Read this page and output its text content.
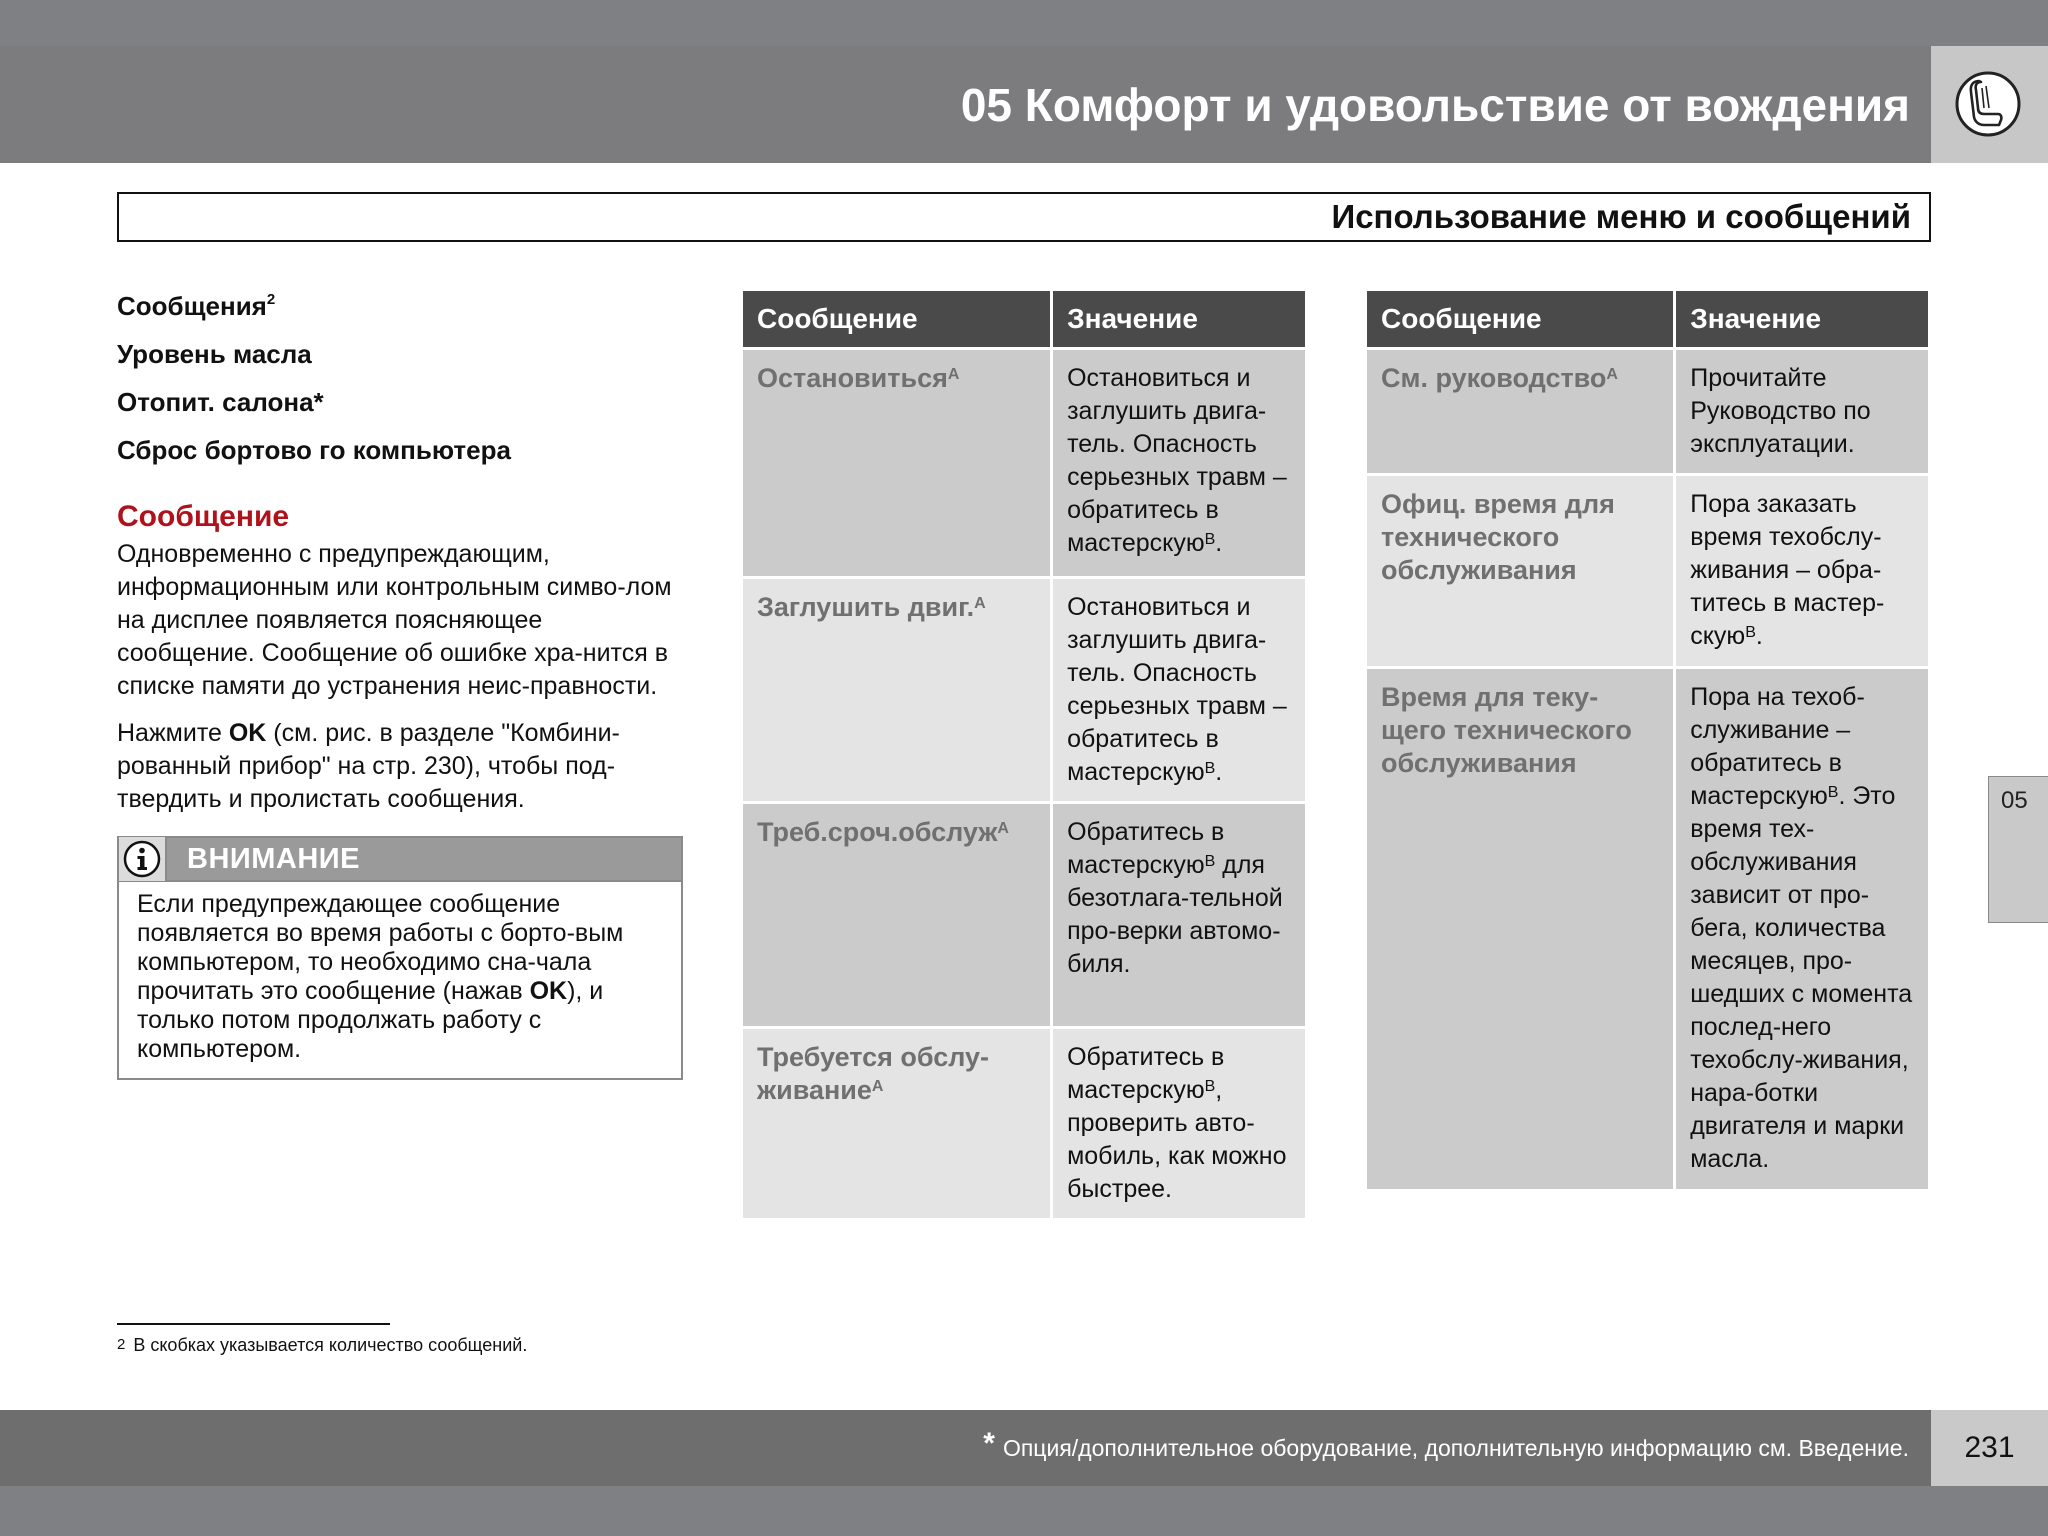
05 Комфорт и удовольствие от вождения
Использование меню и сообщений
Сообщения$^2$
Уровень масла
Отопит. салона*
Сброс бортово го компьютера
Сообщение

Одновременно с предупреждающим, информационным или контрольным симво-лом на дисплее появляется поясняющее сообщение. Сообщение об ошибке хра-нится в списке памяти до устранения неис-правности.

Нажмите OK (см. рис. в разделе "Комбини-рованный прибор" на стр. 230), чтобы под-твердить и пролистать сообщения.

ВНИМАНИЕ
Если предупреждающее сообщение появляется во время работы с борто-вым компьютером, то необходимо сна-чала прочитать это сообщение (нажав OK), и только потом продолжать работу с компьютером.
Сообщение	Значение
Остановиться$^A$	Остановиться и заглушить двига-тель. Опасность серьезных травм – обратитесь в мастерскую$^B$.
Заглушить двиг.$^A$	Остановиться и заглушить двига-тель. Опасность серьезных травм – обратитесь в мастерскую$^B$.
Треб.сроч.обслуж$^A$	Обратитесь в мастерскую$^B$ для безотлага-тельной про-верки автомо-биля.
Требуется обслу-живание$^A$	Обратитесь в мастерскую$^B$, проверить авто-мобиль, как можно быстрее.
Сообщение	Значение
См. руководство$^A$	Прочитайте Руководство по эксплуатации.
Офиц. время для технического обслуживания	Пора заказать время техобслу-живания – обра-титесь в мастер-скую$^B$.
Время для теку-щего технического обслуживания	Пора на техоб-служивание – обратитесь в мастерскую$^B$. Это время тех-обслуживания зависит от про-бега, количества месяцев, про-шедших с момента послед-него техобслу-живания, нара-ботки двигателя и марки масла.
05
2 В скобках указывается количество сообщений.
* Опция/дополнительное оборудование, дополнительную информацию см. Введение.	231
